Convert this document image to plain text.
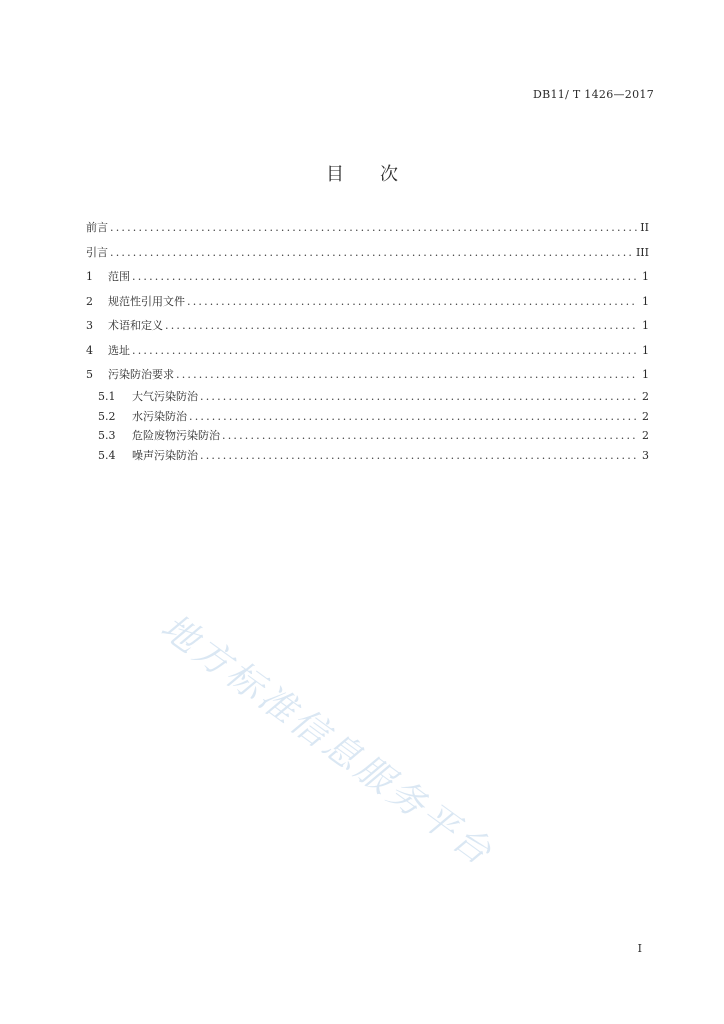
DB11/ T 1426—2017
目 次
前言 .....	II
引言 .....	III
1	范围 .....	1
2	规范性引用文件 .....	1
3	术语和定义 .....	1
4	选址 .....	1
5	污染防治要求 .....	1
5.1	大气污染防治 .....	2
5.2	水污染防治 .....	2
5.3	危险废物污染防治 .....	2
5.4	噪声污染防治 .....	3
地方标准信息服务平台
I
